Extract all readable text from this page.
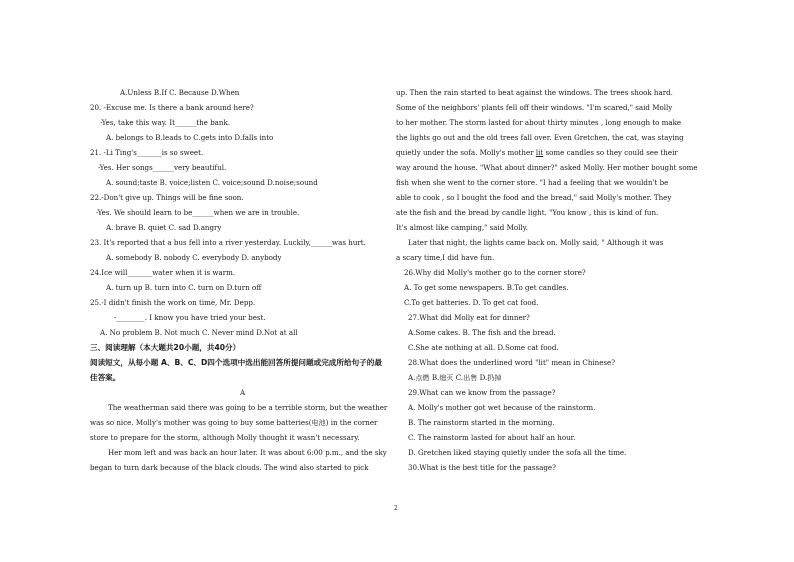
A.Unless B.If C. Because D.When
20. -Excuse me. Is there a bank around here?
-Yes, take this way. It______the bank.
A. belongs to B.leads to C.gets into D.falls into
21. -Li Ting's_______is so sweet.
-Yes. Her songs______very beautiful.
A. sound;taste B. voice;listen C. voice;sound D.noise;sound
22.-Don't give up. Things will be fine soon.
-Yes. We should learn to be______when we are in trouble.
A. brave B. quiet C. sad D.angry
23. It's reported that a bus fell into a river yesterday. Luckily,______was hurt.
A. somebody B. nobody C. everybody D. anybody
24.Ice will_______water when it is warm.
A. turn up B. turn into C. turn on D.turn off
25.-I didn't finish the work on time, Mr. Depp.
-________. I know you have tried your best.
A. No problem B. Not much C. Never mind D.Not at all
三、阅读理解（本大题共20小题，共40分）
阅读短文，从每小题 A、B、C、D四个选项中选出能回答所提问题或完成所给句子的最
佳答案。
A
The weatherman said there was going to be a terrible storm, but the weather
was so nice. Molly's mother was going to buy some batteries(电池) in the corner
store to prepare for the storm, although Molly thought it wasn't necessary.
Her mom left and was back an hour later. It was about 6:00 p.m., and the sky
began to turn dark because of the black clouds. The wind also started to pick
up. Then the rain started to beat against the windows. The trees shook hard.
Some of the neighbors' plants fell off their windows. "I'm scared," said Molly
to her mother. The storm lasted for about thirty minutes , long enough to make
the lights go out and the old trees fall over. Even Gretchen, the cat, was staying
quietly under the sofa. Molly's mother lit some candles so they could see their
way around the house. "What about dinner?" asked Molly. Her mother bought some
fish when she went to the corner store. "I had a feeling that we wouldn't be
able to cook , so I bought the food and the bread," said Molly's mother. They
ate the fish and the bread by candle light. "You know , this is kind of fun.
It's almost like camping," said Molly.
Later that night, the lights came back on. Molly said, " Although it was
a scary time,I did have fun.
26.Why did Molly's mother go to the corner store?
A. To get some newspapers. B.To get candles.
C.To get batteries. D. To get cat food.
27.What did Molly eat for dinner?
A.Some cakes. B. The fish and the bread.
C.She ate nothing at all. D.Some cat food.
28.What does the underlined word "lit" mean in Chinese?
A.点燃 B.熄灭 C.出售 D.扔掉
29.What can we know from the passage?
A. Molly's mother got wet because of the rainstorm.
B. The rainstorm started in the morning.
C. The rainstorm lasted for about half an hour.
D. Gretchen liked staying quietly under the sofa all the time.
30.What is the best title for the passage?
2
